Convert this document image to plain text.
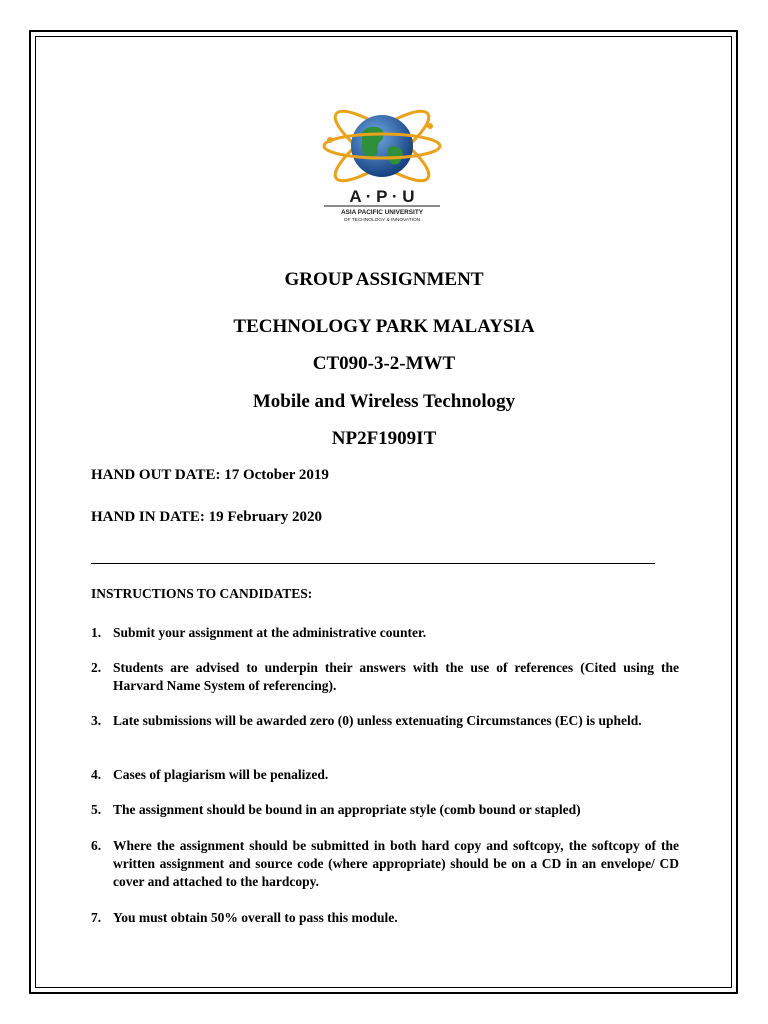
A · P · U
ASIA PACIFIC UNIVERSITY
OF TECHNOLOGY & INNOVATION
GROUP ASSIGNMENT
TECHNOLOGY PARK MALAYSIA
CT090-3-2-MWT
Mobile and Wireless Technology
NP2F1909IT
HAND OUT DATE: 17 October 2019
HAND IN DATE: 19 February 2020
INSTRUCTIONS TO CANDIDATES:
1. Submit your assignment at the administrative counter.
2. Students are advised to underpin their answers with the use of references (Cited using the Harvard Name System of referencing).
3. Late submissions will be awarded zero (0) unless extenuating Circumstances (EC) is upheld.
4. Cases of plagiarism will be penalized.
5. The assignment should be bound in an appropriate style (comb bound or stapled)
6. Where the assignment should be submitted in both hard copy and softcopy, the softcopy of the written assignment and source code (where appropriate) should be on a CD in an envelope/ CD cover and attached to the hardcopy.
7. You must obtain 50% overall to pass this module.
